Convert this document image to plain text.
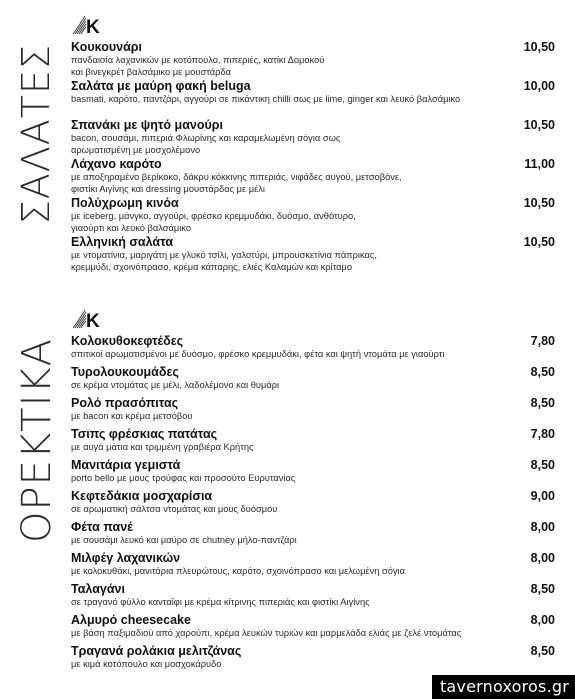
ΣΑΛΑΤΕΣ
K
Κουκουνάρι
πανδαισία λαχανικών με κοτόπουλο, πιπεριές, κατίκι Δομοκού
και βινεγκρέτ βαλσάμικο με μουστάρδα
10,50
Σαλάτα με μαύρη φακή beluga
basmati, καρότο, παντζάρι, αγγούρι σε πικάντικη chilli σως με lime, ginger και λευκό βαλσάμικο
10,00
Σπανάκι με ψητό μανούρι
bacon, σουσάμι, πιπεριά Φλωρίνης και καραμελωμένη σόγια σως
αρωματισμένη με μοσχολέμονο
10,50
Λάχανο καρότο
με αποξηραμένο βερίκοκο, δάκρυ κόκκινης πιπεριάς, νιφάδες αυγού, μετσοβόνε,
φιστίκι Αιγίνης και dressing μουστάρδας με μέλι
11,00
Πολύχρωμη κινόα
με iceberg, μάνγκο, αγγούρι, φρέσκο κρεμμυδάκι, δυόσμο, ανθότυρο,
γιαούρτι και λευκό βαλσάμικο
10,50
Ελληνική σαλάτα
με ντοματίνια, μαριγάτη με γλυκό τσίλι, γαλοτύρι, μπρουσκετίνια πάπρικας,
κρεμμύδι, σχοινόπρασο, κρέμα κάπαρης, ελιές Καλαμών και κρίταμο
10,50
ΟΡΕΚΤΙΚΑ
K
Κολοκυθοκεφτέδες
σπιτικοί αρωματισμένοι με δυόσμο, φρέσκο κρεμμυδάκι, φέτα και ψητή ντομάτα με γιαούρτι
7,80
Τυρολουκουμάδες
σε κρέμα ντομάτας με μέλι, λαδολέμονο και θυμάρι
8,50
Ρολό πρασόπιτας
με bacon και κρέμα μετσόβου
8,50
Τσιπς φρέσκιας πατάτας
με αυγά μάτια και τριμμένη γραβιέρα Κρήτης
7,80
Μανιτάρια γεμιστά
porto bello με μους τρούφας και προσούτο Ευρυτανίας
8,50
Κεφτεδάκια μοσχαρίσια
σε αρωματική σάλτσα ντομάτας και μους δυόσμου
9,00
Φέτα πανέ
με σουσάμι λευκό και μαύρο σε chutney μήλο-παντζάρι
8,00
Μιλφέγ λαχανικών
με κολοκυθάκι, μανιτάρια πλευρώτους, καρότο, σχοινόπρασο και μελωμένη σόγια
8,00
Ταλαγάνι
σε τραγανό φύλλο κανταΐφι με κρέμα κίτρινης πιπεριάς και φιστίκι Αιγίνης
8,50
Αλμυρό cheesecake
με βάση παξιμαδιού από χαρούπι, κρέμα λευκών τυριών και μαρμελάδα ελιάς με ζελέ ντομάτας
8,00
Τραγανά ρολάκια μελιτζάνας
με κιμά κοτόπουλο και μοσχοκάρυδο
8,50
tavernoxoros.gr
